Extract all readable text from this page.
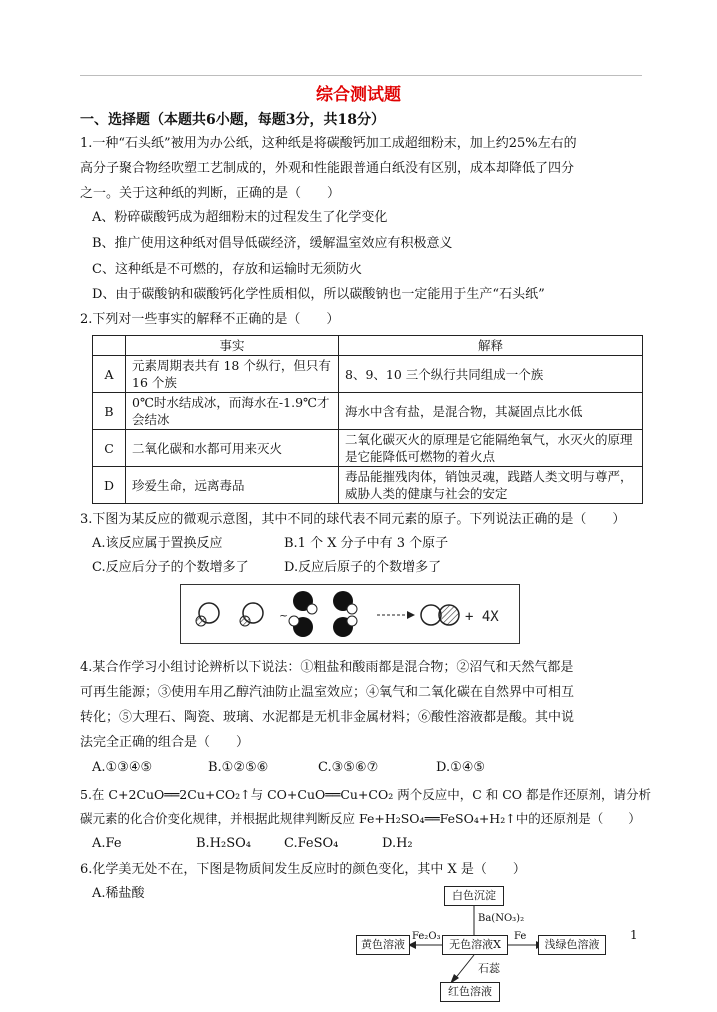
综合测试题
一、选择题（本题共6小题，每题3分，共18分）
1.一种“石头纸”被用为办公纸，这种纸是将碳酸钙加工成超细粉末，加上约25%左右的
高分子聚合物经吹塑工艺制成的，外观和性能跟普通白纸没有区别，成本却降低了四分
之一。关于这种纸的判断，正确的是（　　）
A、粉碎碳酸钙成为超细粉末的过程发生了化学变化
B、推广使用这种纸对倡导低碳经济，缓解温室效应有积极意义
C、这种纸是不可燃的，存放和运输时无须防火
D、由于碳酸钠和碳酸钙化学性质相似，所以碳酸钠也一定能用于生产“石头纸”
2.下列对一些事实的解释不正确的是（　　）
	事实	解释
A	元素周期表共有 18 个纵行，但只有 16 个族	8、9、10 三个纵行共同组成一个族
B	0℃时水结成冰，而海水在-1.9℃才会结冰	海水中含有盐，是混合物，其凝固点比水低
C	二氧化碳和水都可用来灭火	二氧化碳灭火的原理是它能隔绝氧气，水灭火的原理是它能降低可燃物的着火点
D	珍爱生命，远离毒品	毒品能摧残肉体，销蚀灵魂，践踏人类文明与尊严，威胁人类的健康与社会的安定
3.下图为某反应的微观示意图，其中不同的球代表不同元素的原子。下列说法正确的是（　　）
A.该反应属于置换反应	B.1 个 X 分子中有 3 个原子
C.反应后分子的个数增多了	D.反应后原子的个数增多了
~	+ 4X
4.某合作学习小组讨论辨析以下说法：①粗盐和酸雨都是混合物；②沼气和天然气都是
可再生能源；③使用车用乙醇汽油防止温室效应；④氧气和二氧化碳在自然界中可相互
转化；⑤大理石、陶瓷、玻璃、水泥都是无机非金属材料；⑥酸性溶液都是酸。其中说
法完全正确的组合是（　　）
A.①③④⑤	B.①②⑤⑥	C.③⑤⑥⑦	D.①④⑤
5.在 C+2CuO══2Cu+CO₂↑与 CO+CuO══Cu+CO₂ 两个反应中，C 和 CO 都是作还原剂，请分析
碳元素的化合价变化规律，并根据此规律判断反应 Fe+H₂SO₄══FeSO₄+H₂↑中的还原剂是（　　）
A.Fe	B.H₂SO₄	C.FeSO₄	D.H₂
6.化学美无处不在，下图是物质间发生反应时的颜色变化，其中 X 是（　　）
A.稀盐酸	白色沉淀
无色溶液X
黄色溶液	浅绿色溶液
红色溶液
Ba(NO₃)₂
Fe₂O₃	Fe
石蕊
1
